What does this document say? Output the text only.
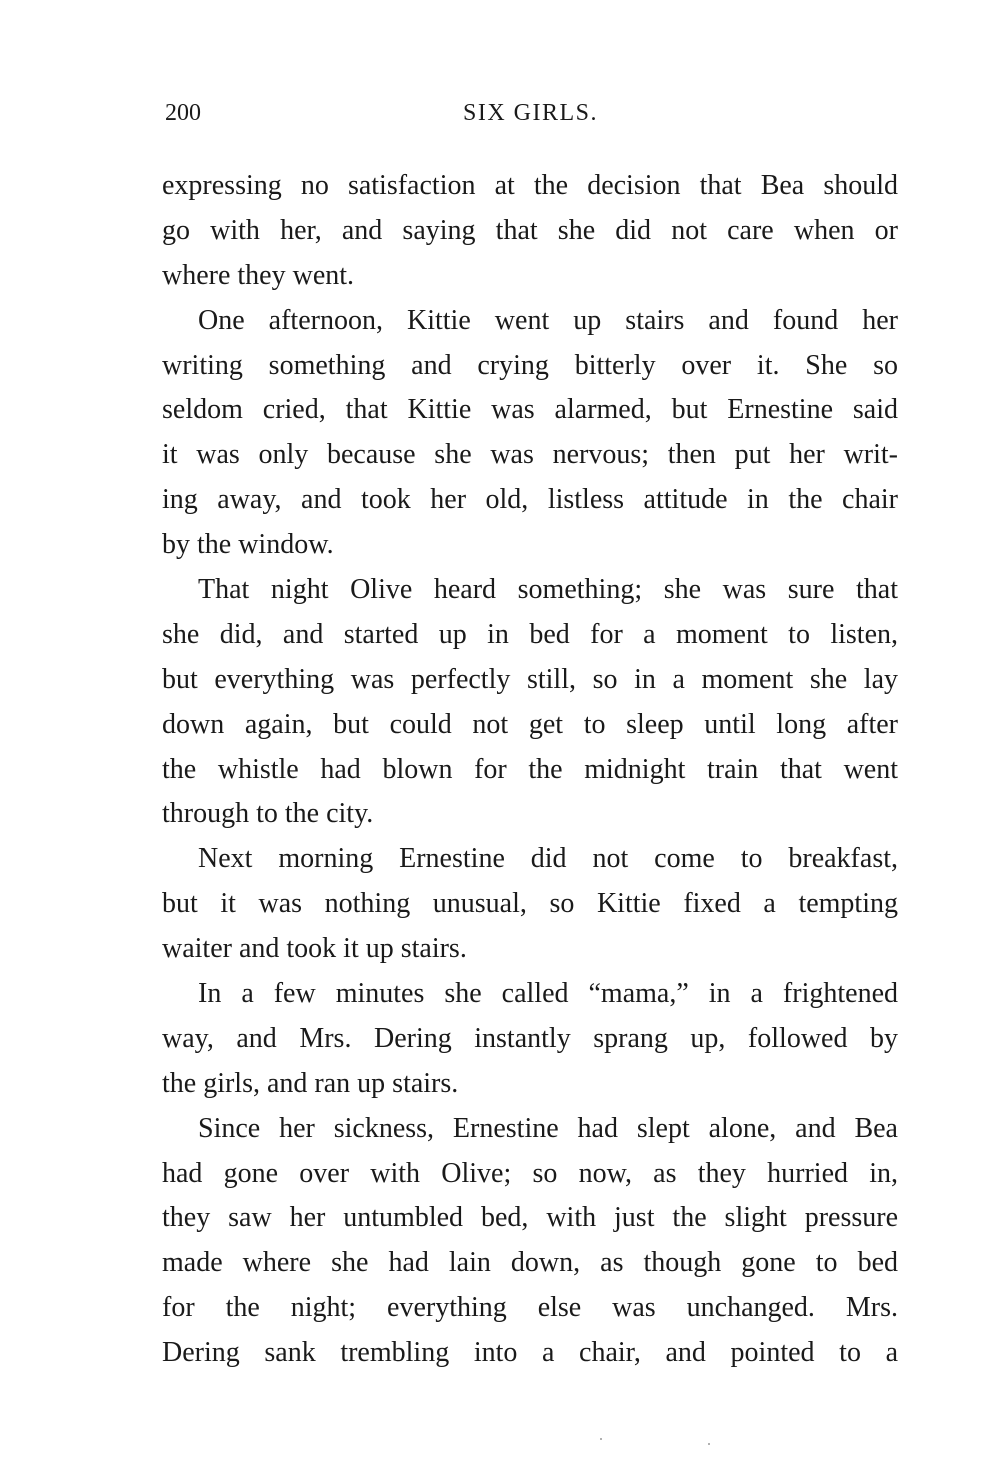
200	SIX GIRLS.
expressing no satisfaction at the decision that Bea should
go with her, and saying that she did not care when or
where they went.
One afternoon, Kittie went up stairs and found her
writing something and crying bitterly over it. She so
seldom cried, that Kittie was alarmed, but Ernestine said
it was only because she was nervous; then put her writ-
ing away, and took her old, listless attitude in the chair
by the window.
That night Olive heard something; she was sure that
she did, and started up in bed for a moment to listen,
but everything was perfectly still, so in a moment she lay
down again, but could not get to sleep until long after
the whistle had blown for the midnight train that went
through to the city.
Next morning Ernestine did not come to breakfast,
but it was nothing unusual, so Kittie fixed a tempting
waiter and took it up stairs.
In a few minutes she called “mama,” in a frightened
way, and Mrs. Dering instantly sprang up, followed by
the girls, and ran up stairs.
Since her sickness, Ernestine had slept alone, and Bea
had gone over with Olive; so now, as they hurried in,
they saw her untumbled bed, with just the slight pressure
made where she had lain down, as though gone to bed
for the night; everything else was unchanged. Mrs.
Dering sank trembling into a chair, and pointed to a
